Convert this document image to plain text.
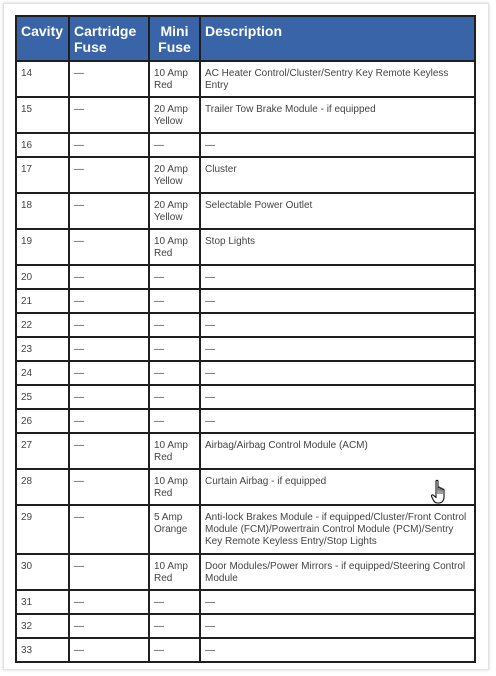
Cavity	Cartridge Fuse	Mini Fuse	Description
14	—	10 Amp Red	AC Heater Control/Cluster/Sentry Key Remote Keyless Entry
15	—	20 Amp Yellow	Trailer Tow Brake Module - if equipped
16	—	—	—
17	—	20 Amp Yellow	Cluster
18	—	20 Amp Yellow	Selectable Power Outlet
19	—	10 Amp Red	Stop Lights
20	—	—	—
21	—	—	—
22	—	—	—
23	—	—	—
24	—	—	—
25	—	—	—
26	—	—	—
27	—	10 Amp Red	Airbag/Airbag Control Module (ACM)
28	—	10 Amp Red	Curtain Airbag - if equipped
29	—	5 Amp Orange	Anti-lock Brakes Module - if equipped/Cluster/Front Control Module (FCM)/Powertrain Control Module (PCM)/Sentry Key Remote Keyless Entry/Stop Lights
30	—	10 Amp Red	Door Modules/Power Mirrors - if equipped/Steering Control Module
31	—	—	—
32	—	—	—
33	—	—	—
